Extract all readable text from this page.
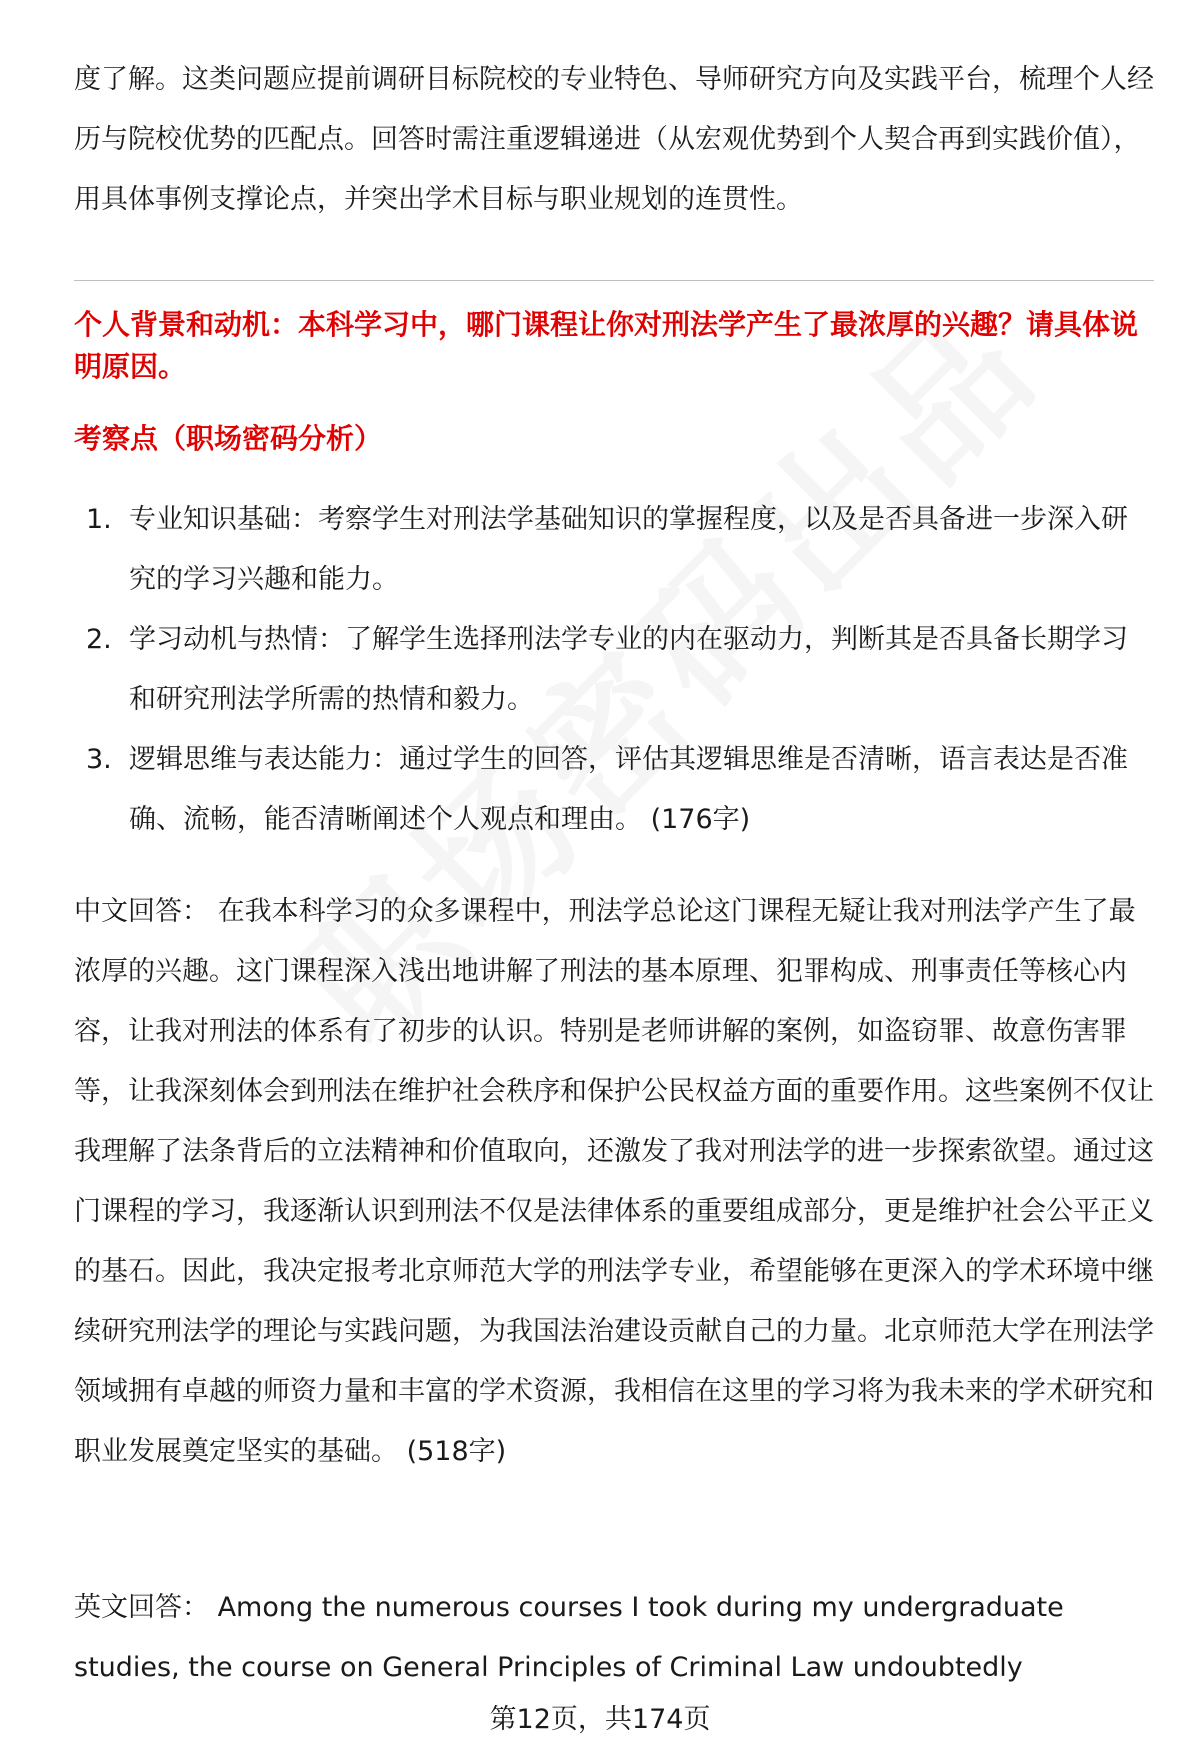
度了解。这类问题应提前调研目标院校的专业特色、导师研究方向及实践平台，梳理个人经历与院校优势的匹配点。回答时需注重逻辑递进（从宏观优势到个人契合再到实践价值），用具体事例支撑论点，并突出学术目标与职业规划的连贯性。
个人背景和动机：本科学习中，哪门课程让你对刑法学产生了最浓厚的兴趣？请具体说明原因。
考察点（职场密码分析）
1. 专业知识基础：考察学生对刑法学基础知识的掌握程度，以及是否具备进一步深入研究的学习兴趣和能力。
2. 学习动机与热情：了解学生选择刑法学专业的内在驱动力，判断其是否具备长期学习和研究刑法学所需的热情和毅力。
3. 逻辑思维与表达能力：通过学生的回答，评估其逻辑思维是否清晰，语言表达是否准确、流畅，能否清晰阐述个人观点和理由。 (176字)
中文回答： 在我本科学习的众多课程中，刑法学总论这门课程无疑让我对刑法学产生了最浓厚的兴趣。这门课程深入浅出地讲解了刑法的基本原理、犯罪构成、刑事责任等核心内容，让我对刑法的体系有了初步的认识。特别是老师讲解的案例，如盗窃罪、故意伤害罪等，让我深刻体会到刑法在维护社会秩序和保护公民权益方面的重要作用。这些案例不仅让我理解了法条背后的立法精神和价值取向，还激发了我对刑法学的进一步探索欲望。通过这门课程的学习，我逐渐认识到刑法不仅是法律体系的重要组成部分，更是维护社会公平正义的基石。因此，我决定报考北京师范大学的刑法学专业，希望能够在更深入的学术环境中继续研究刑法学的理论与实践问题，为我国法治建设贡献自己的力量。北京师范大学在刑法学领域拥有卓越的师资力量和丰富的学术资源，我相信在这里的学习将为我未来的学术研究和职业发展奠定坚实的基础。 (518字)
英文回答： Among the numerous courses I took during my undergraduate studies, the course on General Principles of Criminal Law undoubtedly
第12页，共174页
